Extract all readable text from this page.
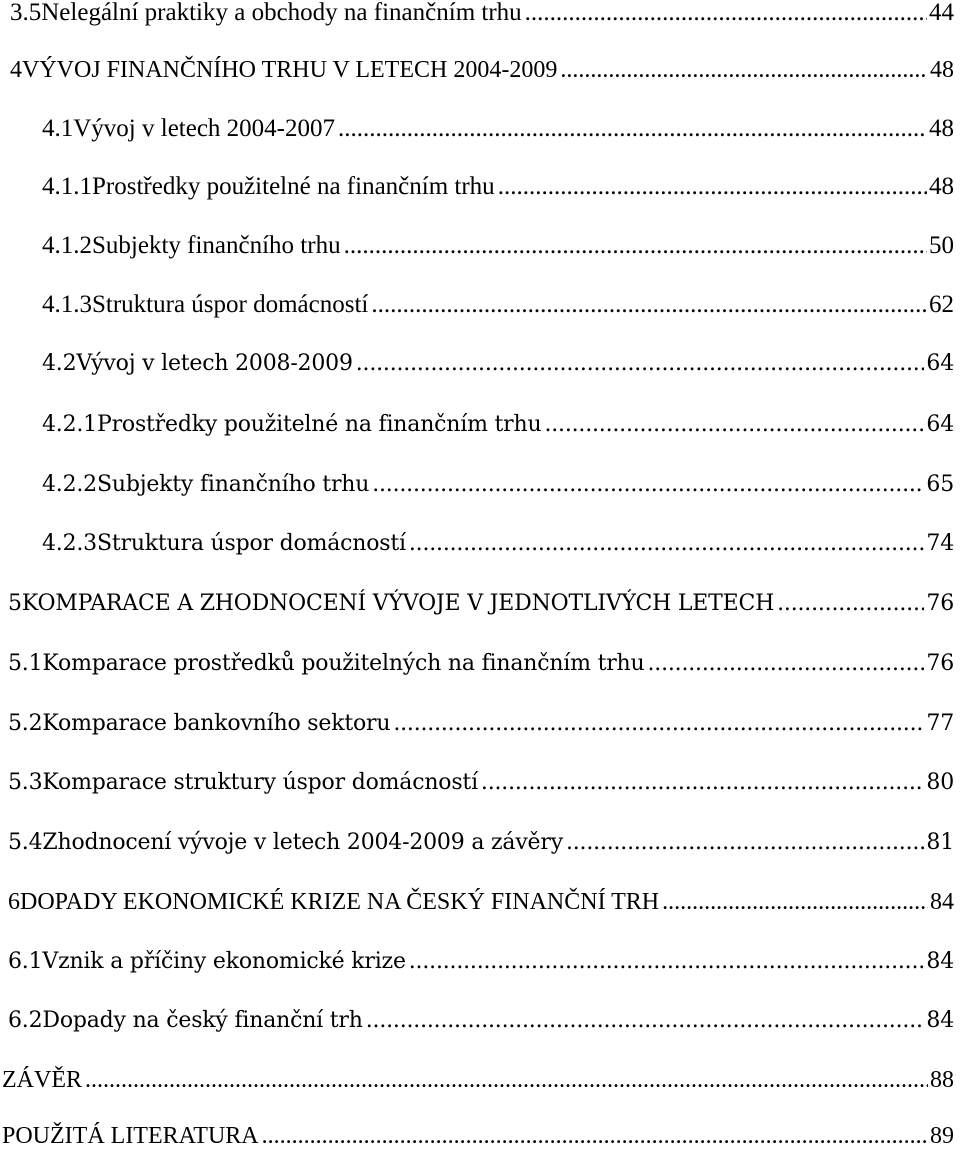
3.5 Nelegální praktiky a obchody na finančním trhu .....	44
4 VÝVOJ FINANČNÍHO TRHU V LETECH 2004-2009 .....	48
4.1 Vývoj v letech 2004-2007 .....	48
4.1.1 Prostředky použitelné na finančním trhu .....	48
4.1.2 Subjekty finančního trhu .....	50
4.1.3 Struktura úspor domácností .....	62
4.2 Vývoj v letech 2008-2009 .....	64
4.2.1 Prostředky použitelné na finančním trhu .....	64
4.2.2 Subjekty finančního trhu .....	65
4.2.3 Struktura úspor domácností .....	74
5 KOMPARACE A ZHODNOCENÍ VÝVOJE V JEDNOTLIVÝCH LETECH .....	76
5.1 Komparace prostředků použitelných na finančním trhu .....	76
5.2 Komparace bankovního sektoru .....	77
5.3 Komparace struktury úspor domácností .....	80
5.4 Zhodnocení vývoje v letech 2004-2009 a závěry .....	81
6 DOPADY EKONOMICKÉ KRIZE NA ČESKÝ FINANČNÍ TRH .....	84
6.1 Vznik a příčiny ekonomické krize .....	84
6.2 Dopady na český finanční trh .....	84
ZÁVĚR .....	88
POUŽITÁ LITERATURA .....	89
